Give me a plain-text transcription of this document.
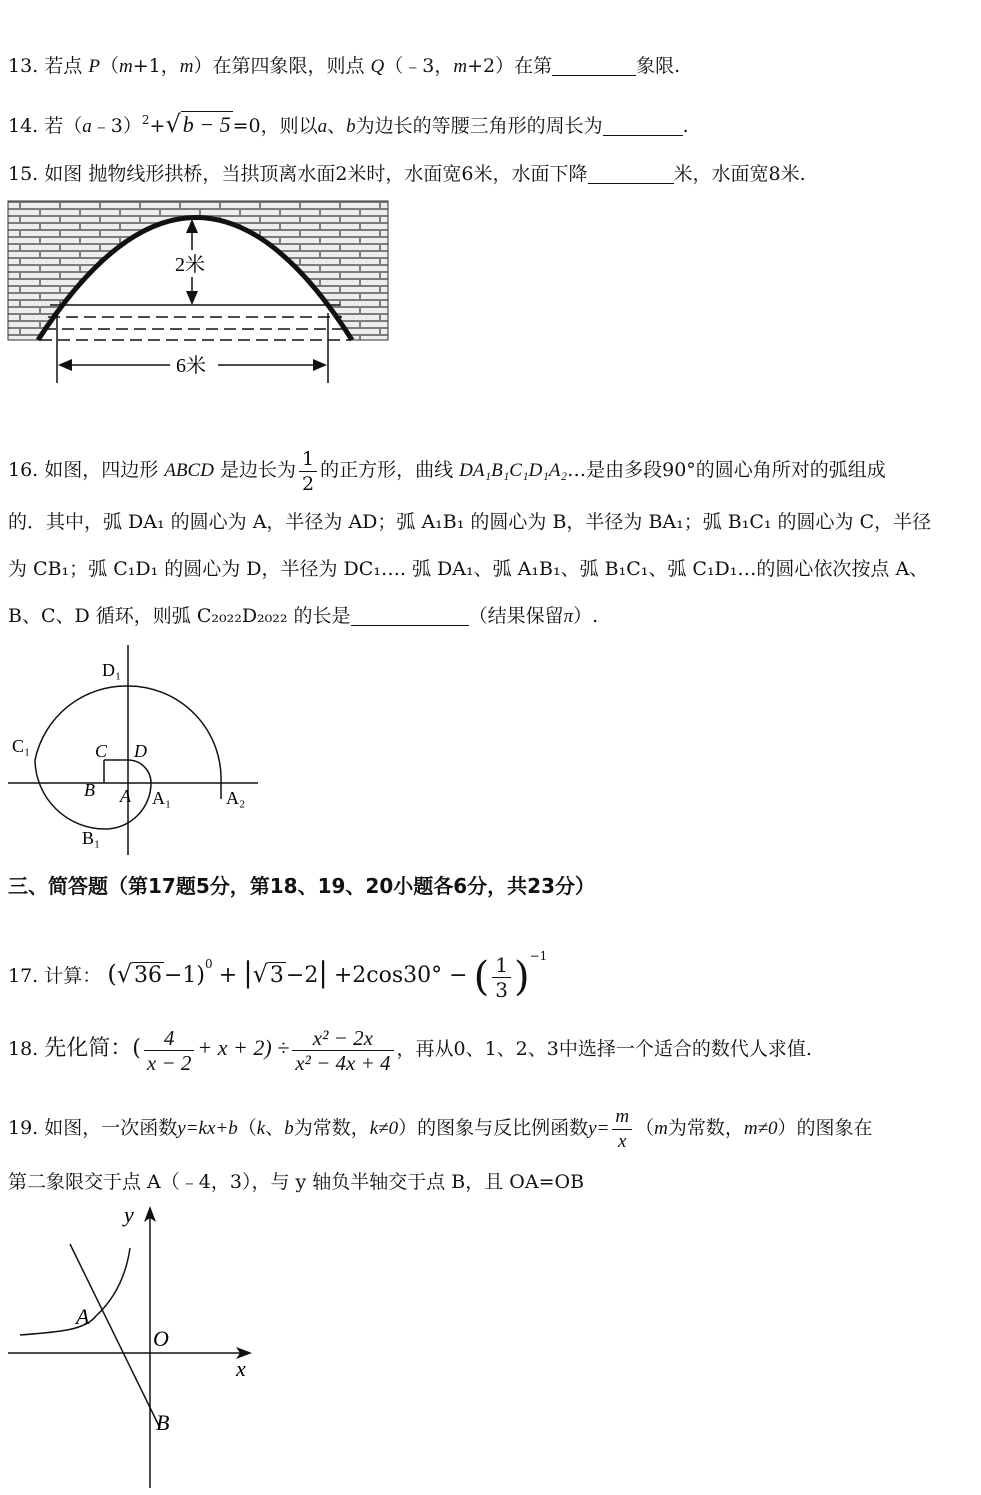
13. 若点 P（m+1，m）在第四象限，则点 Q（﹣3，m+2）在第	象限.
14. 若（a﹣3）$^2$+√b − 5 =0，则以a、b为边长的等腰三角形的周长为	.
15. 如图 抛物线形拱桥，当拱顶离水面2米时，水面宽6米，水面下降	米，水面宽8米.
2米
6米
16. 如图，四边形 ABCD 是边长为 $\frac{1}{2}$ 的正方形，曲线 DA₁B₁C₁D₁A₂…是由多段90°的圆心角所对的弧组成
的．其中，弧 DA₁ 的圆心为 A，半径为 AD；弧 A₁B₁ 的圆心为 B，半径为 BA₁；弧 B₁C₁ 的圆心为 C，半径
为 CB₁；弧 C₁D₁ 的圆心为 D，半径为 DC₁…. 弧 DA₁、弧 A₁B₁、弧 B₁C₁、弧 C₁D₁…的圆心依次按点 A、
B、C、D 循环，则弧 C₂₀₂₂D₂₀₂₂ 的长是	（结果保留π）.
D₁
C₁	C D
B A A₁	A₂
B₁
三、简答题（第17题5分，第18、19、20小题各6分，共23分）
17. 计算： $(√36-1)^0 + |√3-2| +2\cos 30^\circ$ − ( $\frac{1}{3} )^{-1}$
18. 先化简：( $\frac{4}{x - 2} + x + 2) \div \frac{\text{x² − 2x}}{\text{x² − 4x + 4}}$ ，再从0、1、2、3中选择一个适合的数代人求值.
19. 如图，一次函数y=kx+b（k、b为常数，k≠0）的图象与反比例函数$y= \frac{m}{x} (m$为常数，m≠0）的图象在
第二象限交于点 A（﹣4，3），与 y 轴负半轴交于点 B，且 OA=OB
y
x
A
O
B
